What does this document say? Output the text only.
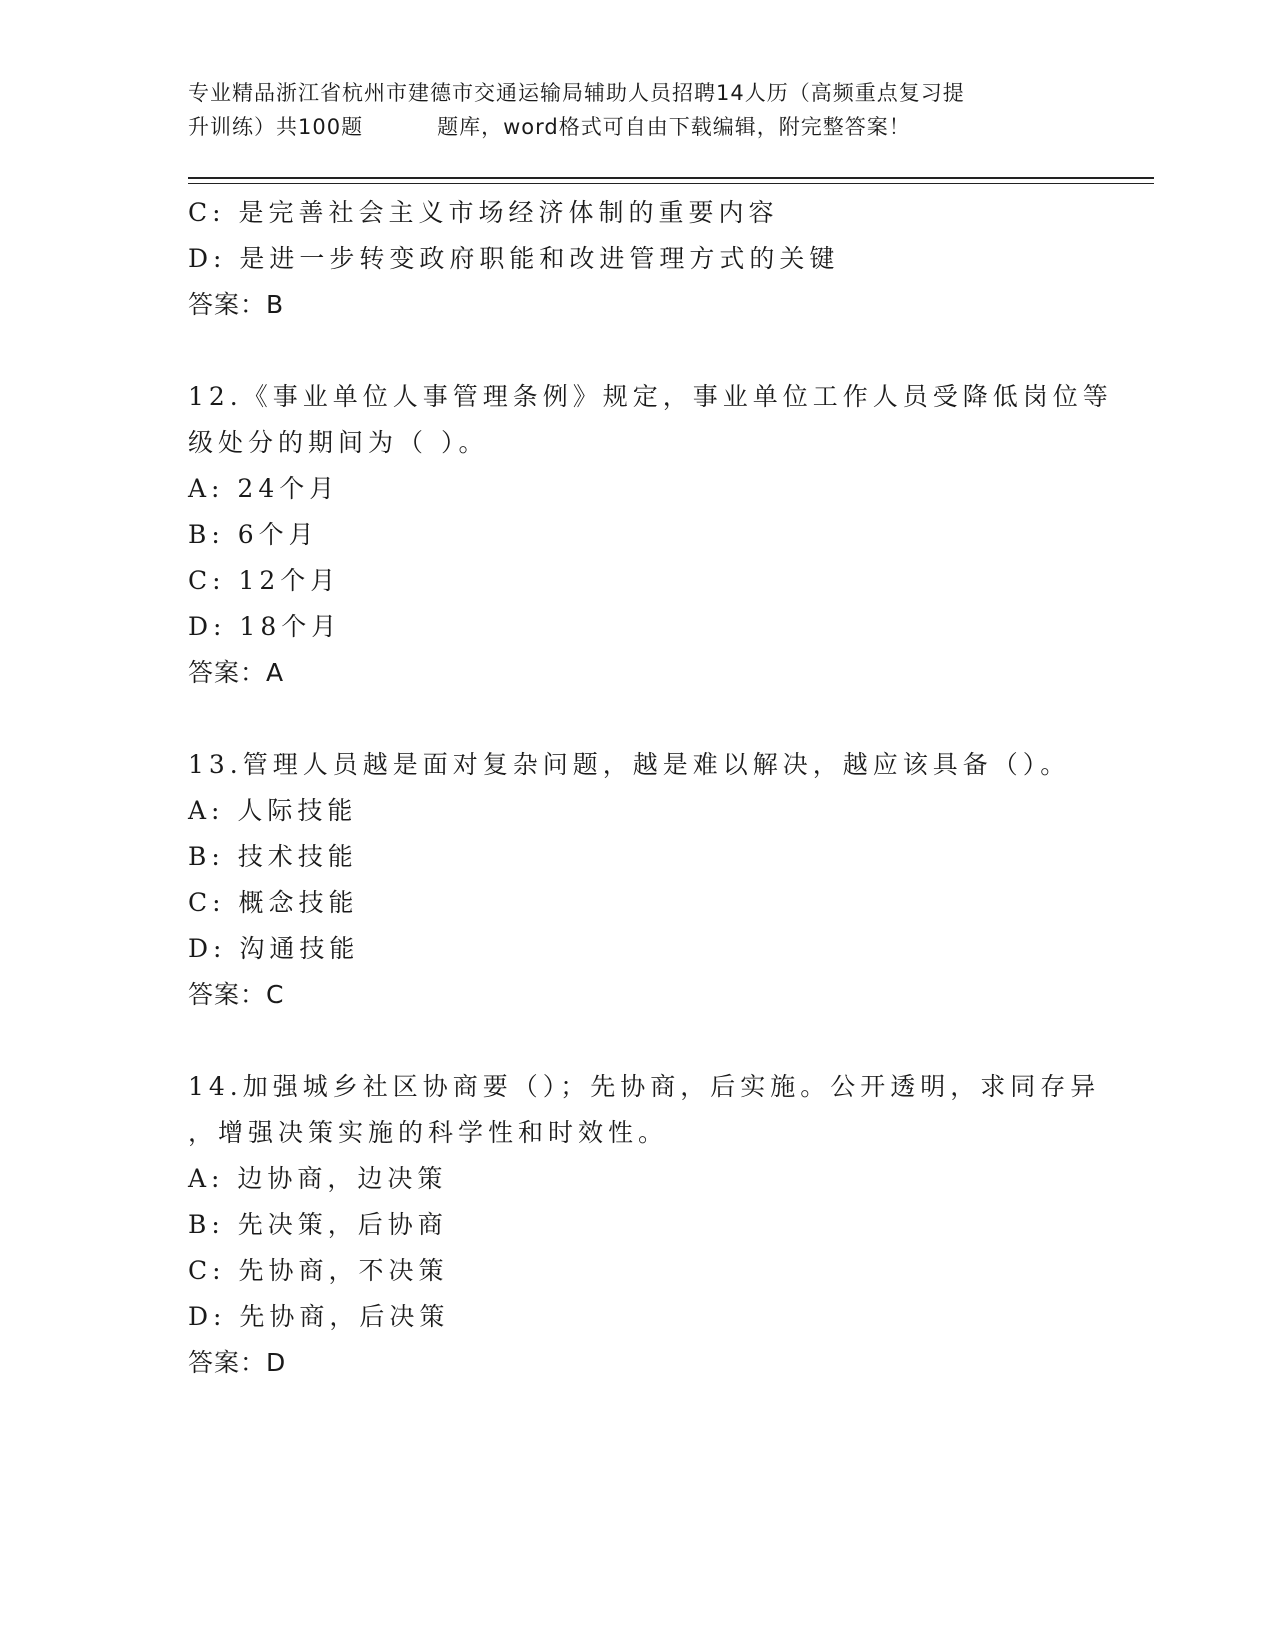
专业精品浙江省杭州市建德市交通运输局辅助人员招聘14人历（高频重点复习提
升训练）共100题	题库，word格式可自由下载编辑，附完整答案！
C: 是完善社会主义市场经济体制的重要内容
D: 是进一步转变政府职能和改进管理方式的关键
答案：B
12.《事业单位人事管理条例》规定，事业单位工作人员受降低岗位等
级处分的期间为（ ）。
A: 24个月
B: 6个月
C: 12个月
D: 18个月
答案：A
13.管理人员越是面对复杂问题，越是难以解决，越应该具备（）。
A: 人际技能
B: 技术技能
C: 概念技能
D: 沟通技能
答案：C
14.加强城乡社区协商要（）；先协商，后实施。公开透明，求同存异
，增强决策实施的科学性和时效性。
A: 边协商，边决策
B: 先决策，后协商
C: 先协商，不决策
D: 先协商，后决策
答案：D
